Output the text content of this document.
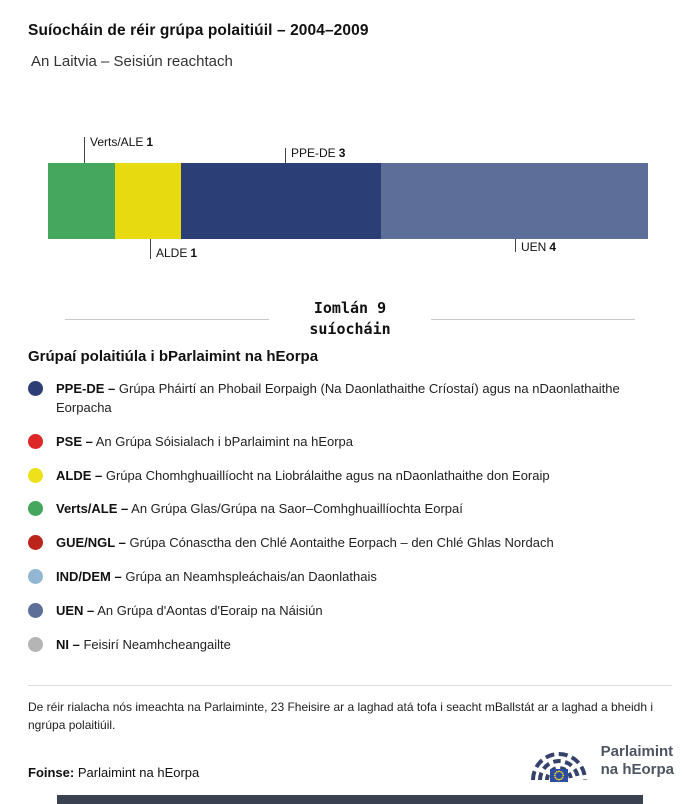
Suíocháin de réir grúpa polaitiúil – 2004–2009
An Laitvia – Seisiún reachtach
Verts/ALE 1
PPE-DE 3
ALDE 1	UEN 4
Iomlán 9
suíocháin
Grúpaí polaitiúla i bParlaimint na hEorpa
PPE-DE – Grúpa Pháirtí an Phobail Eorpaigh (Na Daonlathaithe Críostaí) agus na nDaonlathaithe Eorpacha
PSE – An Grúpa Sóisialach i bParlaimint na hEorpa
ALDE – Grúpa Chomhghuaillíocht na Liobrálaithe agus na nDaonlathaithe don Eoraip
Verts/ALE – An Grúpa Glas/Grúpa na Saor–Comhghuaillíochta Eorpaí
GUE/NGL – Grúpa Cónasctha den Chlé Aontaithe Eorpach – den Chlé Ghlas Nordach
IND/DEM – Grúpa an Neamhspleáchais/an Daonlathais
UEN – An Grúpa d'Aontas d'Eoraip na Náisiún
NI – Feisirí Neamhcheangailte
De réir rialacha nós imeachta na Parlaiminte, 23 Fheisire ar a laghad atá tofa i seacht mBallstát ar a laghad a bheidh i ngrúpa polaitiúil.
Foinse: Parlaimint na hEorpa
Parlaimint
na hEorpa
